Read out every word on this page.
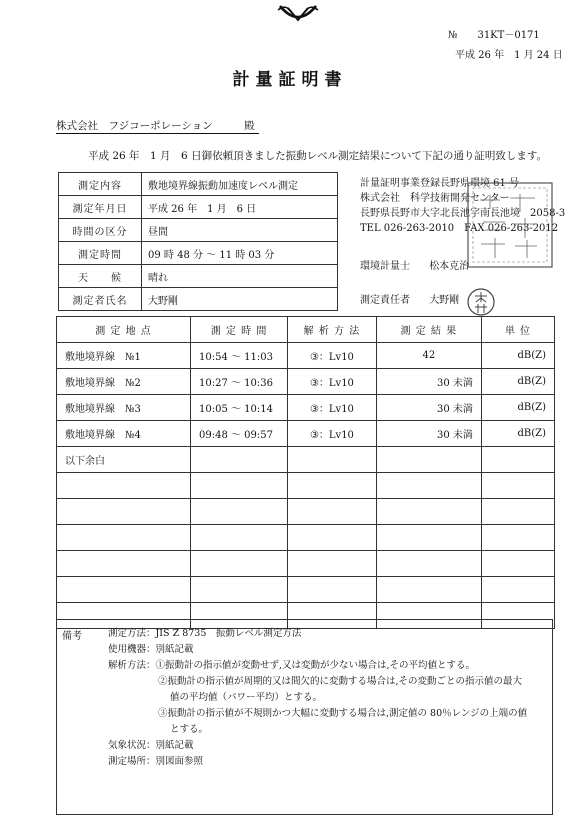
№　　31KT－0171
平成 26 年　1 月 24 日
計量証明書
株式会社　フジコーポレーション　　　殿
平成 26 年　1 月　6 日御依頼頂きました振動レベル測定結果について下記の通り証明致します。
測定内容	敷地境界線振動加速度レベル測定
測定年月日	平成 26 年　1 月　6 日
時間の区分	昼間
測定時間	09 時 48 分 ～ 11 時 03 分
天　　候	晴れ
測定者氏名	大野剛
計量証明事業登録長野県環境 61 号
株式会社　科学技術開発センター
長野県長野市大字北長池字南長池境　2058-3
TEL 026-263-2010　FAX 026-263-2012
環境計量士 松本克治
測定責任者 大野剛
測 定 地 点	測 定 時 間	解 析 方 法	測 定 結 果	単 位
敷地境界線　№1	10:54 ～ 11:03	③：Lv10	42	dB(Z)
敷地境界線　№2	10:27 ～ 10:36	③：Lv10	30 未満	dB(Z)
敷地境界線　№3	10:05 ～ 10:14	③：Lv10	30 未満	dB(Z)
敷地境界線　№4	09:48 ～ 09:57	③：Lv10	30 未満	dB(Z)
以下余白				

備考	測定方法：JIS Z 8735　振動レベル測定方法
使用機器：別紙記載
解析方法：①振動計の指示値が変動せず,又は変動が少ない場合は,その平均値とする。
②振動計の指示値が周期的又は間欠的に変動する場合は,その変動ごとの指示値の最大
値の平均値（パワー平均）とする。
③振動計の指示値が不規則かつ大幅に変動する場合は,測定値の 80％レンジの上端の値
とする。
気象状況：別紙記載
測定場所：別図面参照
